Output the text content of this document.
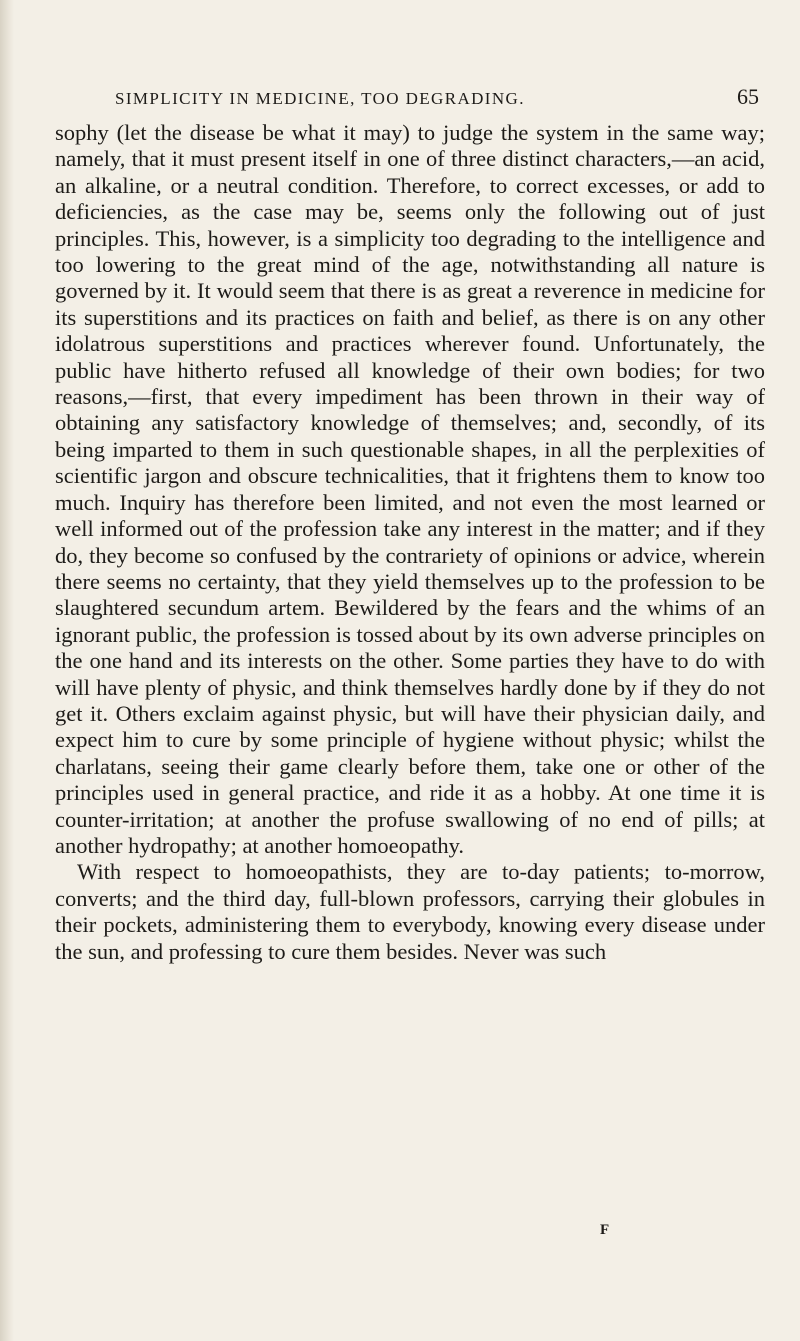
SIMPLICITY IN MEDICINE, TOO DEGRADING.	65

sophy (let the disease be what it may) to judge the system in the same way; namely, that it must present itself in one of three distinct characters,—an acid, an alkaline, or a neutral condition. Therefore, to correct excesses, or add to deficiencies, as the case may be, seems only the following out of just principles. This, however, is a simplicity too degrading to the intelligence and too lowering to the great mind of the age, notwithstanding all nature is governed by it. It would seem that there is as great a reverence in medicine for its superstitions and its practices on faith and belief, as there is on any other idolatrous superstitions and practices wherever found. Unfortunately, the public have hitherto refused all knowledge of their own bodies; for two reasons,—first, that every impediment has been thrown in their way of obtaining any satisfactory knowledge of themselves; and, secondly, of its being imparted to them in such questionable shapes, in all the perplexities of scientific jargon and obscure technicalities, that it frightens them to know too much. Inquiry has therefore been limited, and not even the most learned or well informed out of the profession take any interest in the matter; and if they do, they become so confused by the contrariety of opinions or advice, wherein there seems no certainty, that they yield themselves up to the profession to be slaughtered secundum artem. Bewildered by the fears and the whims of an ignorant public, the profession is tossed about by its own adverse principles on the one hand and its interests on the other. Some parties they have to do with will have plenty of physic, and think themselves hardly done by if they do not get it. Others exclaim against physic, but will have their physician daily, and expect him to cure by some principle of hygiene without physic; whilst the charlatans, seeing their game clearly before them, take one or other of the principles used in general practice, and ride it as a hobby. At one time it is counter-irritation; at another the profuse swallowing of no end of pills; at another hydropathy; at another homoeopathy.

With respect to homoeopathists, they are to-day patients; to-morrow, converts; and the third day, full-blown professors, carrying their globules in their pockets, administering them to everybody, knowing every disease under the sun, and professing to cure them besides. Never was such

F
